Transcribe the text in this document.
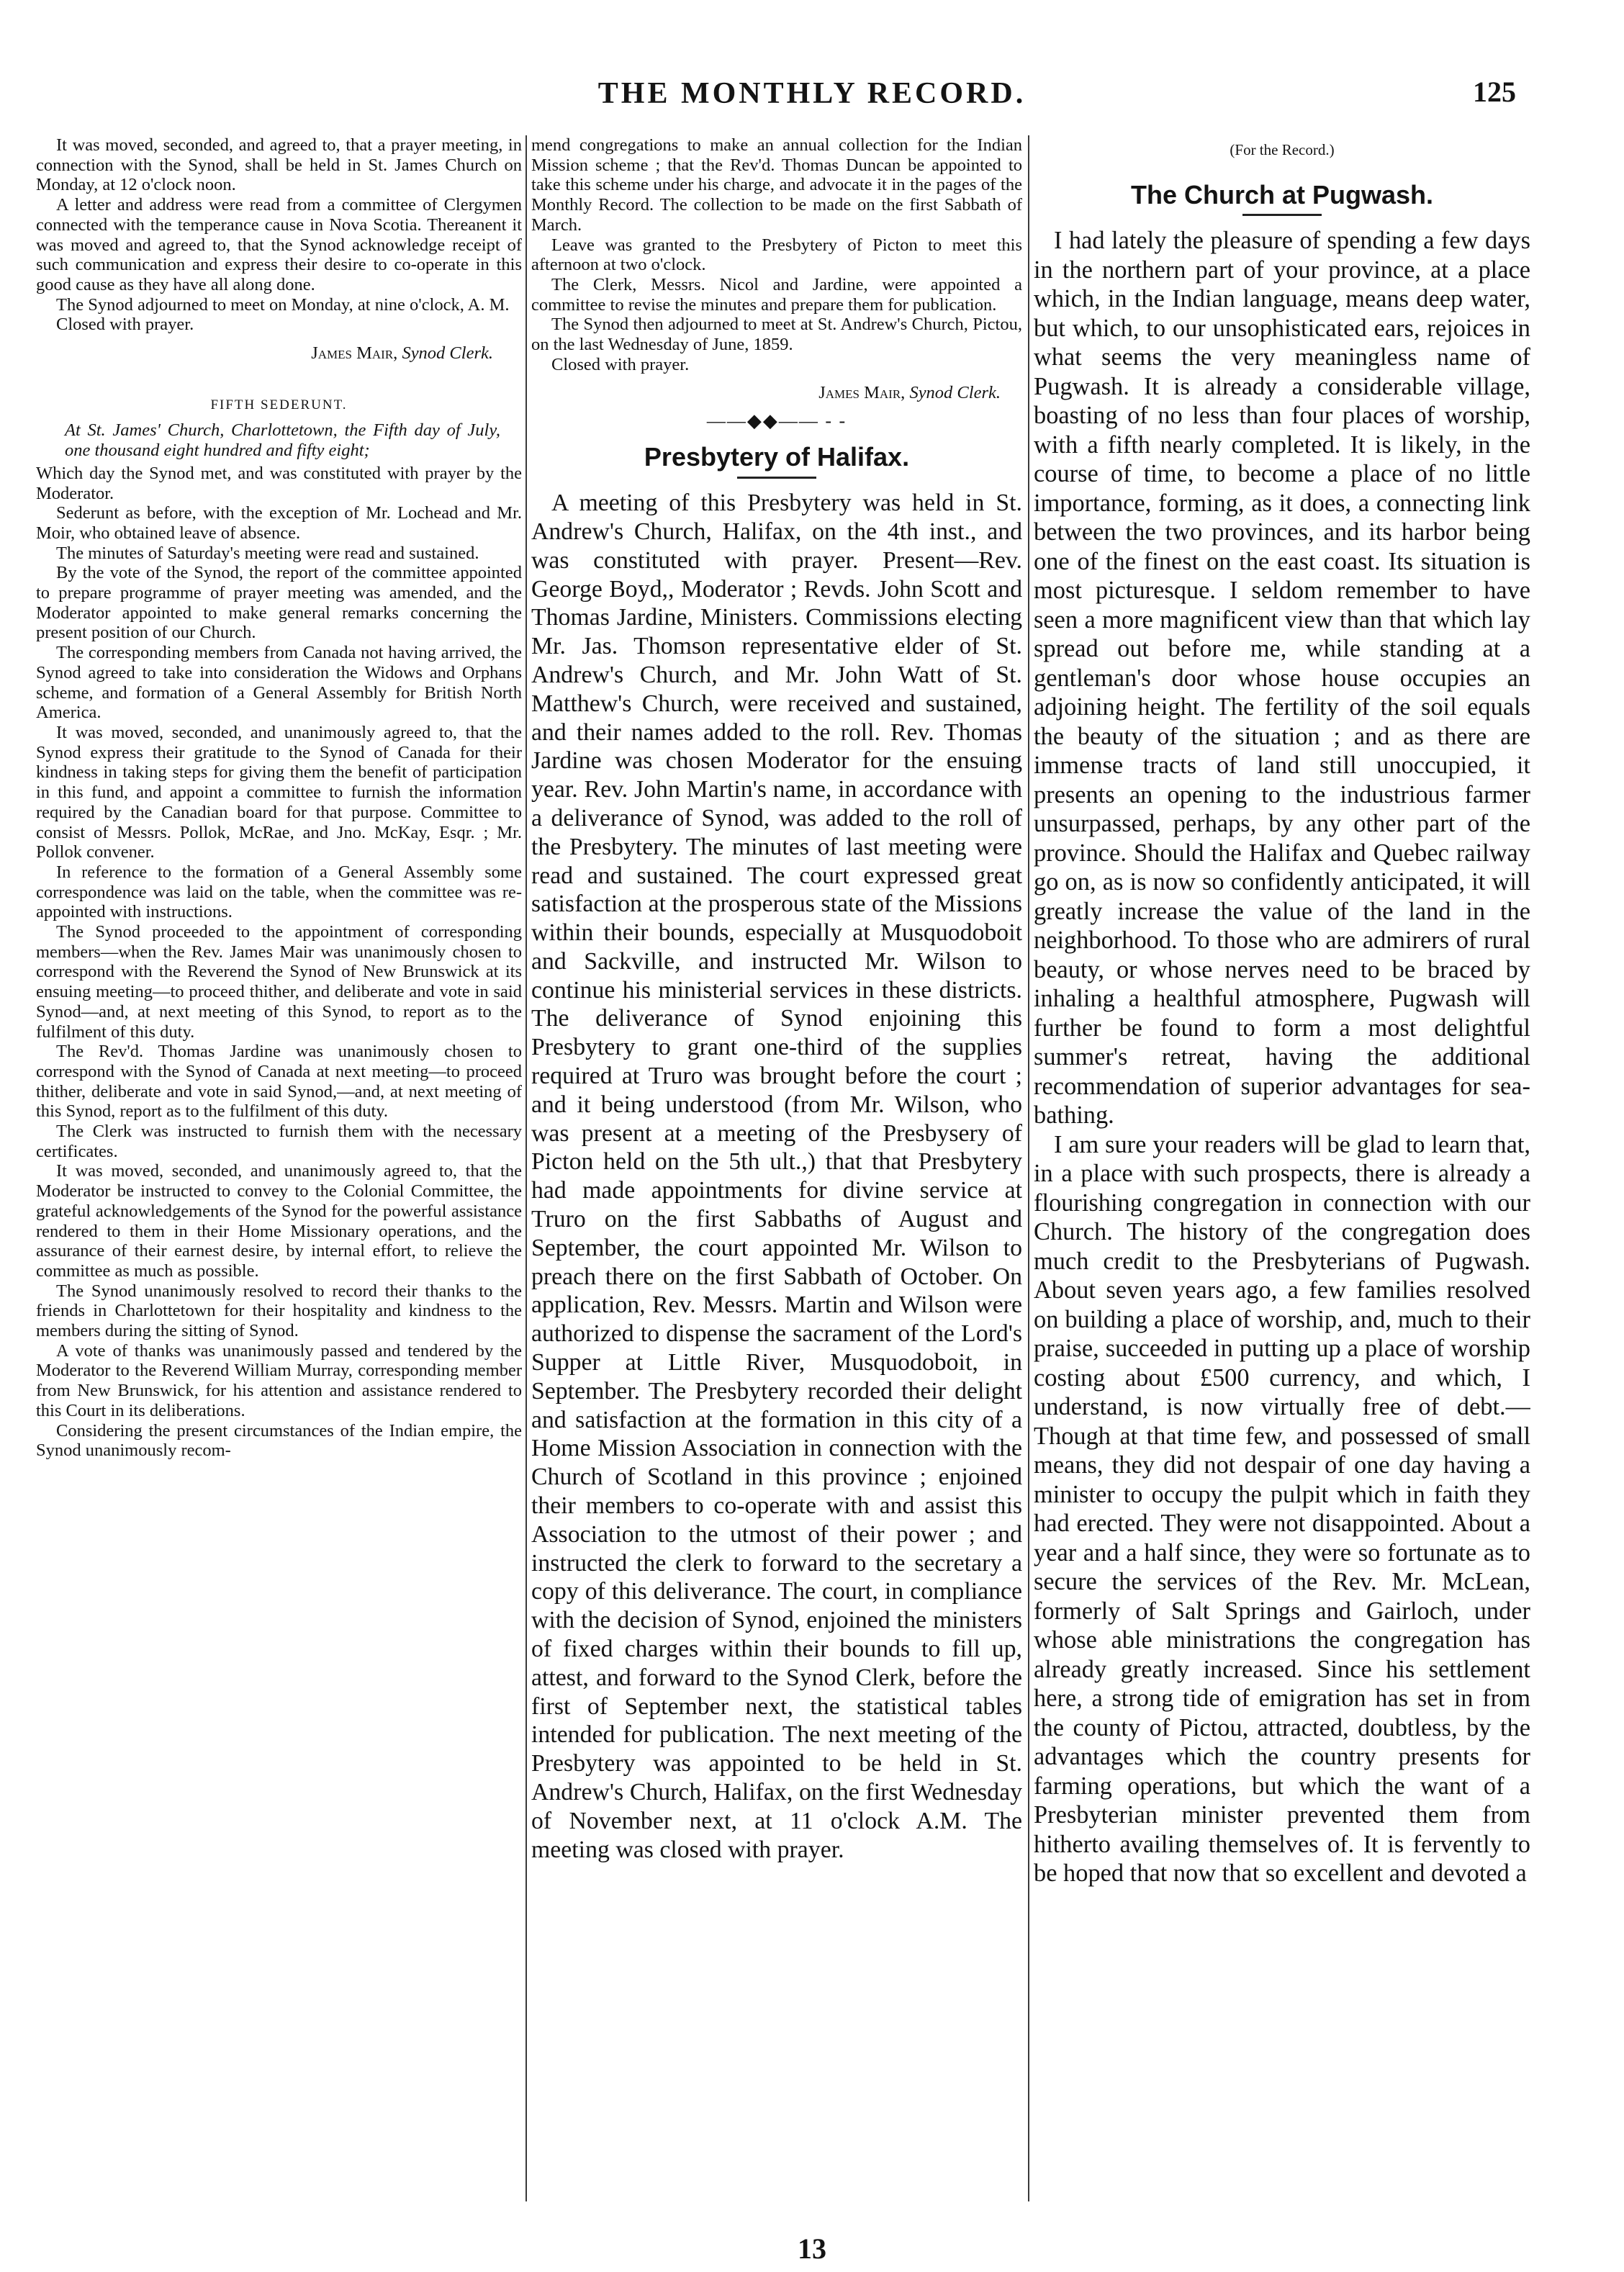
THE MONTHLY RECORD.	125

It was moved, seconded, and agreed to, that a prayer meeting, in connection with the Synod, shall be held in St. James Church on Monday, at 12 o'clock noon.

A letter and address were read from a committee of Clergymen connected with the temperance cause in Nova Scotia. Thereanent it was moved and agreed to, that the Synod acknowledge receipt of such communication and express their desire to co-operate in this good cause as they have all along done.

The Synod adjourned to meet on Monday, at nine o'clock, A. M.

Closed with prayer.

James Mair, Synod Clerk.

FIFTH SEDERUNT.

At St. James' Church, Charlottetown, the Fifth day of July, one thousand eight hundred and fifty eight;

Which day the Synod met, and was constituted with prayer by the Moderator.

Sederunt as before, with the exception of Mr. Lochead and Mr. Moir, who obtained leave of absence.

The minutes of Saturday's meeting were read and sustained.

By the vote of the Synod, the report of the committee appointed to prepare programme of prayer meeting was amended, and the Moderator appointed to make general remarks concerning the present position of our Church.

The corresponding members from Canada not having arrived, the Synod agreed to take into consideration the Widows and Orphans scheme, and formation of a General Assembly for British North America.

It was moved, seconded, and unanimously agreed to, that the Synod express their gratitude to the Synod of Canada for their kindness in taking steps for giving them the benefit of participation in this fund, and appoint a committee to furnish the information required by the Canadian board for that purpose. Committee to consist of Messrs. Pollok, McRae, and Jno. McKay, Esqr. ; Mr. Pollok convener.

In reference to the formation of a General Assembly some correspondence was laid on the table, when the committee was re-appointed with instructions.

The Synod proceeded to the appointment of corresponding members—when the Rev. James Mair was unanimously chosen to correspond with the Reverend the Synod of New Brunswick at its ensuing meeting—to proceed thither, and deliberate and vote in said Synod—and, at next meeting of this Synod, to report as to the fulfilment of this duty.

The Rev'd. Thomas Jardine was unanimously chosen to correspond with the Synod of Canada at next meeting—to proceed thither, deliberate and vote in said Synod,—and, at next meeting of this Synod, report as to the fulfilment of this duty.

The Clerk was instructed to furnish them with the necessary certificates.

It was moved, seconded, and unanimously agreed to, that the Moderator be instructed to convey to the Colonial Committee, the grateful acknowledgements of the Synod for the powerful assistance rendered to them in their Home Missionary operations, and the assurance of their earnest desire, by internal effort, to relieve the committee as much as possible.

The Synod unanimously resolved to record their thanks to the friends in Charlottetown for their hospitality and kindness to the members during the sitting of Synod.

A vote of thanks was unanimously passed and tendered by the Moderator to the Reverend William Murray, corresponding member from New Brunswick, for his attention and assistance rendered to this Court in its deliberations.

Considering the present circumstances of the Indian empire, the Synod unanimously recom-

mend congregations to make an annual collection for the Indian Mission scheme ; that the Rev'd. Thomas Duncan be appointed to take this scheme under his charge, and advocate it in the pages of the Monthly Record. The collection to be made on the first Sabbath of March.

Leave was granted to the Presbytery of Picton to meet this afternoon at two o'clock.

The Clerk, Messrs. Nicol and Jardine, were appointed a committee to revise the minutes and prepare them for publication.

The Synod then adjourned to meet at St. Andrew's Church, Pictou, on the last Wednesday of June, 1859.

Closed with prayer.

James Mair, Synod Clerk.

——◆◆—— - -
Presbytery of Halifax.

A meeting of this Presbytery was held in St. Andrew's Church, Halifax, on the 4th inst., and was constituted with prayer. Present—Rev. George Boyd,, Moderator ; Revds. John Scott and Thomas Jardine, Ministers. Commissions electing Mr. Jas. Thomson representative elder of St. Andrew's Church, and Mr. John Watt of St. Matthew's Church, were received and sustained, and their names added to the roll. Rev. Thomas Jardine was chosen Moderator for the ensuing year. Rev. John Martin's name, in accordance with a deliverance of Synod, was added to the roll of the Presbytery. The minutes of last meeting were read and sustained. The court expressed great satisfaction at the prosperous state of the Missions within their bounds, especially at Musquodoboit and Sackville, and instructed Mr. Wilson to continue his ministerial services in these districts. The deliverance of Synod enjoining this Presbytery to grant one-third of the supplies required at Truro was brought before the court ; and it being understood (from Mr. Wilson, who was present at a meeting of the Presbysery of Picton held on the 5th ult.,) that that Presbytery had made appointments for divine service at Truro on the first Sabbaths of August and September, the court appointed Mr. Wilson to preach there on the first Sabbath of October. On application, Rev. Messrs. Martin and Wilson were authorized to dispense the sacrament of the Lord's Supper at Little River, Musquodoboit, in September. The Presbytery recorded their delight and satisfaction at the formation in this city of a Home Mission Association in connection with the Church of Scotland in this province ; enjoined their members to co-operate with and assist this Association to the utmost of their power ; and instructed the clerk to forward to the secretary a copy of this deliverance. The court, in compliance with the decision of Synod, enjoined the ministers of fixed charges within their bounds to fill up, attest, and forward to the Synod Clerk, before the first of September next, the statistical tables intended for publication. The next meeting of the Presbytery was appointed to be held in St. Andrew's Church, Halifax, on the first Wednesday of November next, at 11 o'clock A.M. The meeting was closed with prayer.

(For the Record.)
The Church at Pugwash.

I had lately the pleasure of spending a few days in the northern part of your province, at a place which, in the Indian language, means deep water, but which, to our unsophisticated ears, rejoices in what seems the very meaningless name of Pugwash. It is already a considerable village, boasting of no less than four places of worship, with a fifth nearly completed. It is likely, in the course of time, to become a place of no little importance, forming, as it does, a connecting link between the two provinces, and its harbor being one of the finest on the east coast. Its situation is most picturesque. I seldom remember to have seen a more magnificent view than that which lay spread out before me, while standing at a gentleman's door whose house occupies an adjoining height. The fertility of the soil equals the beauty of the situation ; and as there are immense tracts of land still unoccupied, it presents an opening to the industrious farmer unsurpassed, perhaps, by any other part of the province. Should the Halifax and Quebec railway go on, as is now so confidently anticipated, it will greatly increase the value of the land in the neighborhood. To those who are admirers of rural beauty, or whose nerves need to be braced by inhaling a healthful atmosphere, Pugwash will further be found to form a most delightful summer's retreat, having the additional recommendation of superior advantages for sea-bathing.

I am sure your readers will be glad to learn that, in a place with such prospects, there is already a flourishing congregation in connection with our Church. The history of the congregation does much credit to the Presbyterians of Pugwash. About seven years ago, a few families resolved on building a place of worship, and, much to their praise, succeeded in putting up a place of worship costing about £500 currency, and which, I understand, is now virtually free of debt.—Though at that time few, and possessed of small means, they did not despair of one day having a minister to occupy the pulpit which in faith they had erected. They were not disappointed. About a year and a half since, they were so fortunate as to secure the services of the Rev. Mr. McLean, formerly of Salt Springs and Gairloch, under whose able ministrations the congregation has already greatly increased. Since his settlement here, a strong tide of emigration has set in from the county of Pictou, attracted, doubtless, by the advantages which the country presents for farming operations, but which the want of a Presbyterian minister prevented them from hitherto availing themselves of. It is fervently to be hoped that now that so excellent and devoted a

13
